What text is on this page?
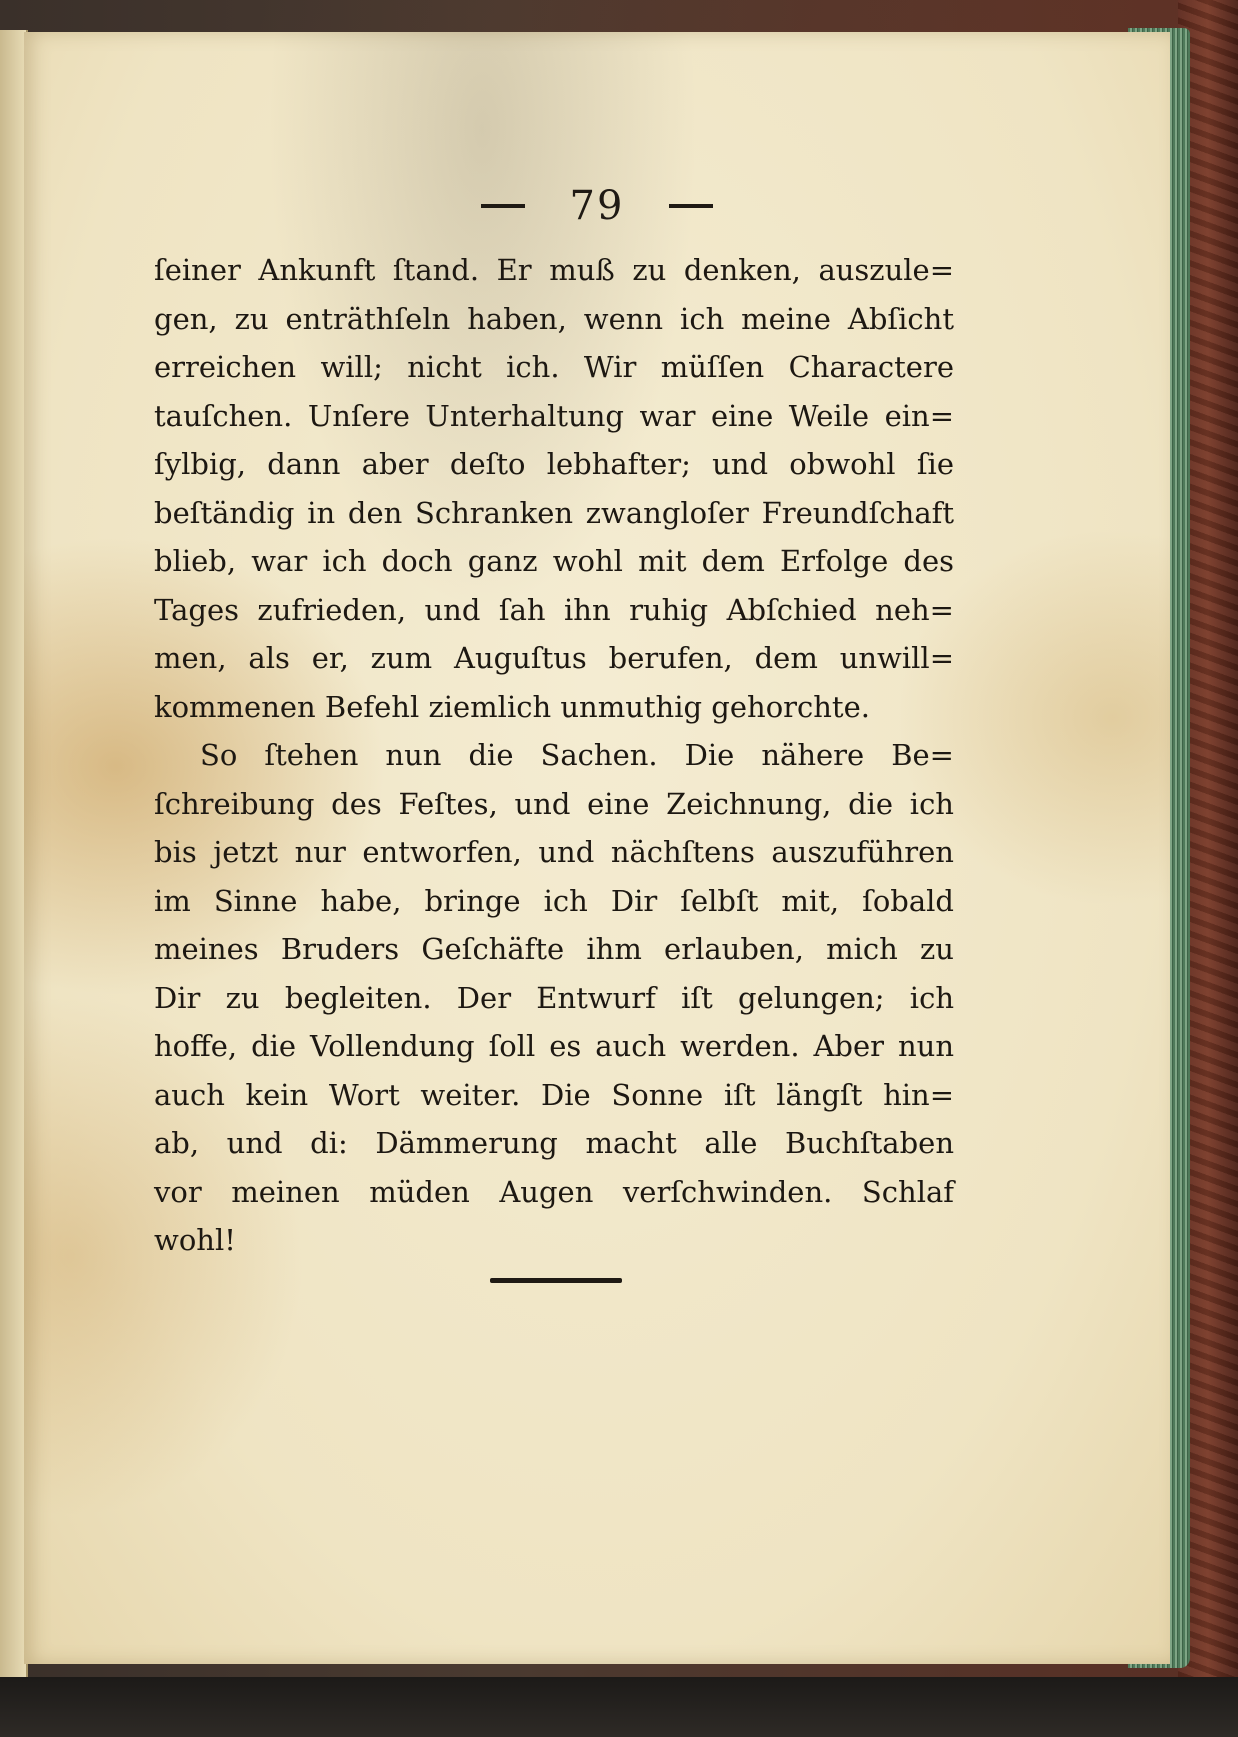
79
ſeiner Ankunft ſtand. Er muß zu denken, auszule=
gen, zu enträthſeln haben, wenn ich meine Abſicht
erreichen will; nicht ich. Wir müſſen Charactere
tauſchen. Unſere Unterhaltung war eine Weile ein=
ſylbig, dann aber deſto lebhafter; und obwohl ſie
beſtändig in den Schranken zwangloſer Freundſchaft
blieb, war ich doch ganz wohl mit dem Erfolge des
Tages zufrieden, und ſah ihn ruhig Abſchied neh=
men, als er, zum Auguſtus berufen, dem unwill=
kommenen Befehl ziemlich unmuthig gehorchte.
So ſtehen nun die Sachen. Die nähere Be=
ſchreibung des Feſtes, und eine Zeichnung, die ich
bis jetzt nur entworfen, und nächſtens auszuführen
im Sinne habe, bringe ich Dir ſelbſt mit, ſobald
meines Bruders Geſchäfte ihm erlauben, mich zu
Dir zu begleiten. Der Entwurf iſt gelungen; ich
hoffe, die Vollendung ſoll es auch werden. Aber nun
auch kein Wort weiter. Die Sonne iſt längſt hin=
ab, und di: Dämmerung macht alle Buchſtaben
vor meinen müden Augen verſchwinden. Schlaf
wohl!
